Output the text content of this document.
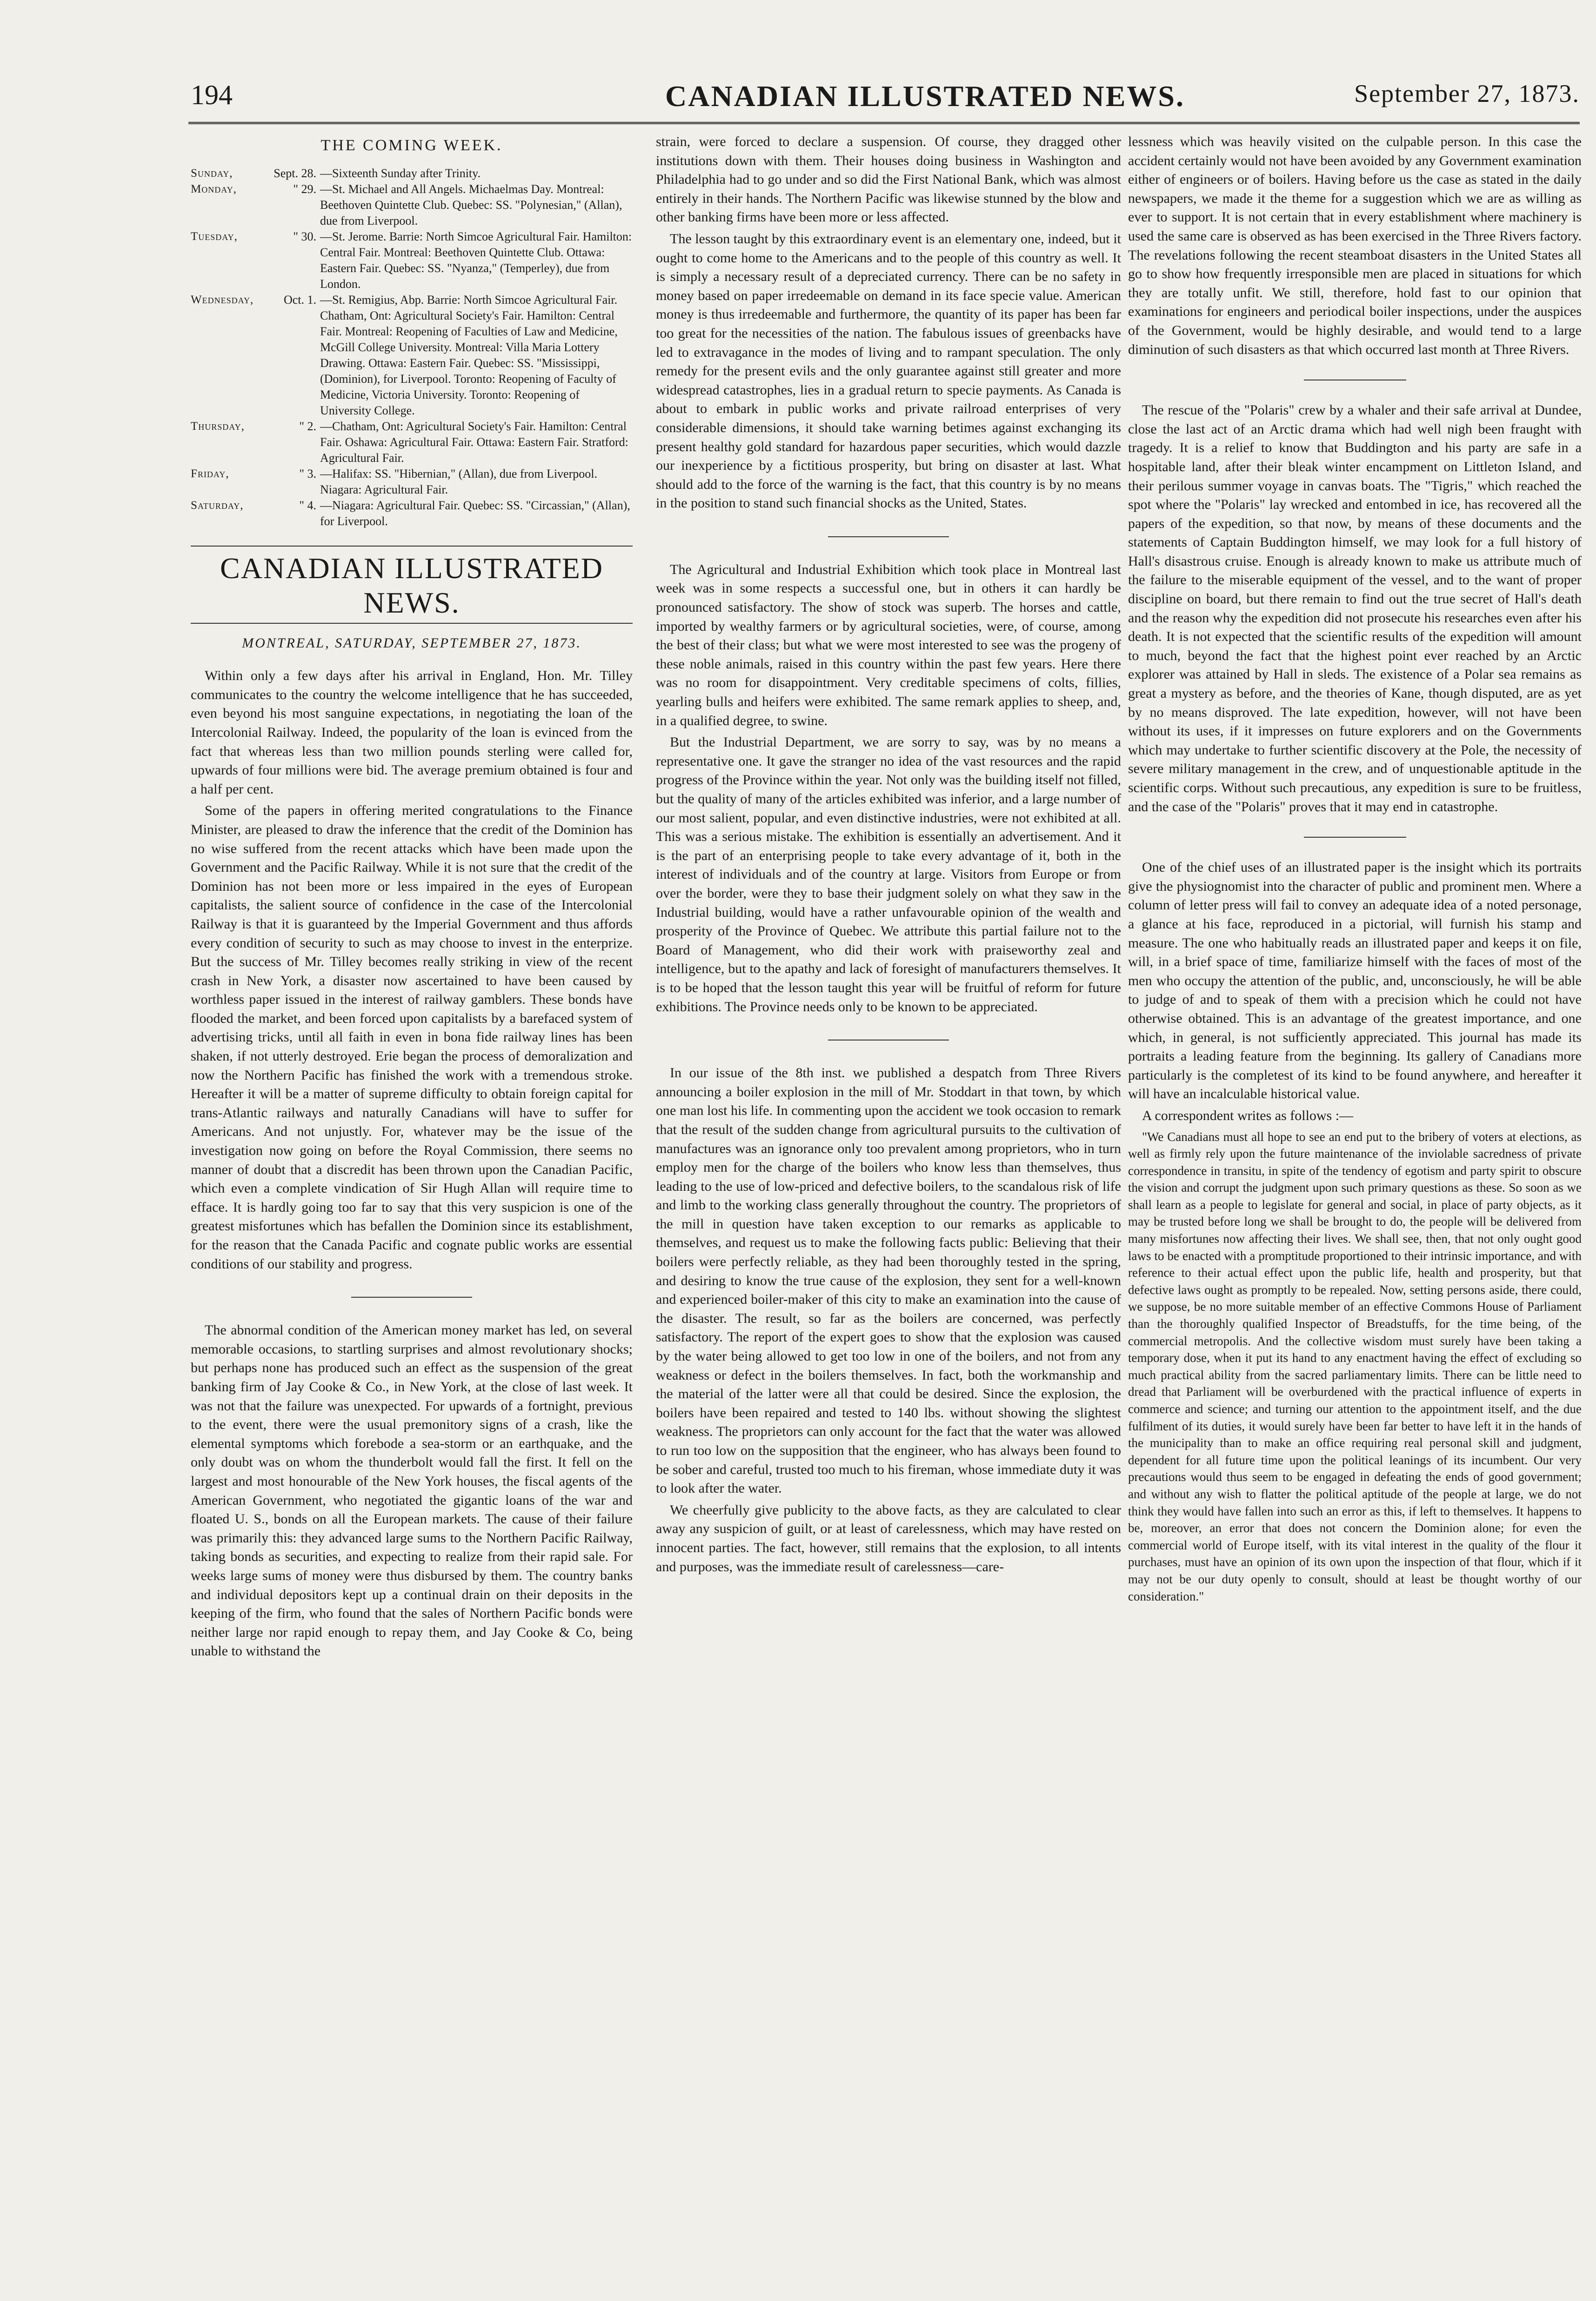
194	CANADIAN ILLUSTRATED NEWS.	September 27, 1873.
THE COMING WEEK.
Sunday,	Sept. 28.	—Sixteenth Sunday after Trinity.
Monday,	" 29.	—St. Michael and All Angels. Michaelmas Day. Montreal: Beethoven Quintette Club. Quebec: SS. "Polynesian," (Allan), due from Liverpool.
Tuesday,	" 30.	—St. Jerome. Barrie: North Simcoe Agricultural Fair. Hamilton: Central Fair. Montreal: Beethoven Quintette Club. Ottawa: Eastern Fair. Quebec: SS. "Nyanza," (Temperley), due from London.
Wednesday,	Oct. 1.	—St. Remigius, Abp. Barrie: North Simcoe Agricultural Fair. Chatham, Ont: Agricultural Society's Fair. Hamilton: Central Fair. Montreal: Reopening of Faculties of Law and Medicine, McGill College University. Montreal: Villa Maria Lottery Drawing. Ottawa: Eastern Fair. Quebec: SS. "Mississippi, (Dominion), for Liverpool. Toronto: Reopening of Faculty of Medicine, Victoria University. Toronto: Reopening of University College.
Thursday,	" 2.	—Chatham, Ont: Agricultural Society's Fair. Hamilton: Central Fair. Oshawa: Agricultural Fair. Ottawa: Eastern Fair. Stratford: Agricultural Fair.
Friday,	" 3.	—Halifax: SS. "Hibernian," (Allan), due from Liverpool. Niagara: Agricultural Fair.
Saturday,	" 4.	—Niagara: Agricultural Fair. Quebec: SS. "Circassian," (Allan), for Liverpool.
CANADIAN ILLUSTRATED NEWS.
MONTREAL, SATURDAY, SEPTEMBER 27, 1873.

Within only a few days after his arrival in England, Hon. Mr. Tilley communicates to the country the welcome intelligence that he has succeeded, even beyond his most sanguine expectations, in negotiating the loan of the Intercolonial Railway. Indeed, the popularity of the loan is evinced from the fact that whereas less than two million pounds sterling were called for, upwards of four millions were bid. The average premium obtained is four and a half per cent.

Some of the papers in offering merited congratulations to the Finance Minister, are pleased to draw the inference that the credit of the Dominion has no wise suffered from the recent attacks which have been made upon the Government and the Pacific Railway. While it is not sure that the credit of the Dominion has not been more or less impaired in the eyes of European capitalists, the salient source of confidence in the case of the Intercolonial Railway is that it is guaranteed by the Imperial Government and thus affords every condition of security to such as may choose to invest in the enterprize. But the success of Mr. Tilley becomes really striking in view of the recent crash in New York, a disaster now ascertained to have been caused by worthless paper issued in the interest of railway gamblers. These bonds have flooded the market, and been forced upon capitalists by a barefaced system of advertising tricks, until all faith in even in bona fide railway lines has been shaken, if not utterly destroyed. Erie began the process of demoralization and now the Northern Pacific has finished the work with a tremendous stroke. Hereafter it will be a matter of supreme difficulty to obtain foreign capital for trans-Atlantic railways and naturally Canadians will have to suffer for Americans. And not unjustly. For, whatever may be the issue of the investigation now going on before the Royal Commission, there seems no manner of doubt that a discredit has been thrown upon the Canadian Pacific, which even a complete vindication of Sir Hugh Allan will require time to efface. It is hardly going too far to say that this very suspicion is one of the greatest misfortunes which has befallen the Dominion since its establishment, for the reason that the Canada Pacific and cognate public works are essential conditions of our stability and progress.

The abnormal condition of the American money market has led, on several memorable occasions, to startling surprises and almost revolutionary shocks; but perhaps none has produced such an effect as the suspension of the great banking firm of Jay Cooke & Co., in New York, at the close of last week. It was not that the failure was unexpected. For upwards of a fortnight, previous to the event, there were the usual premonitory signs of a crash, like the elemental symptoms which forebode a sea-storm or an earthquake, and the only doubt was on whom the thunderbolt would fall the first. It fell on the largest and most honourable of the New York houses, the fiscal agents of the American Government, who negotiated the gigantic loans of the war and floated U. S., bonds on all the European markets. The cause of their failure was primarily this: they advanced large sums to the Northern Pacific Railway, taking bonds as securities, and expecting to realize from their rapid sale. For weeks large sums of money were thus disbursed by them. The country banks and individual depositors kept up a continual drain on their deposits in the keeping of the firm, who found that the sales of Northern Pacific bonds were neither large nor rapid enough to repay them, and Jay Cooke & Co, being unable to withstand the

strain, were forced to declare a suspension. Of course, they dragged other institutions down with them. Their houses doing business in Washington and Philadelphia had to go under and so did the First National Bank, which was almost entirely in their hands. The Northern Pacific was likewise stunned by the blow and other banking firms have been more or less affected.

The lesson taught by this extraordinary event is an elementary one, indeed, but it ought to come home to the Americans and to the people of this country as well. It is simply a necessary result of a depreciated currency. There can be no safety in money based on paper irredeemable on demand in its face specie value. American money is thus irredeemable and furthermore, the quantity of its paper has been far too great for the necessities of the nation. The fabulous issues of greenbacks have led to extravagance in the modes of living and to rampant speculation. The only remedy for the present evils and the only guarantee against still greater and more widespread catastrophes, lies in a gradual return to specie payments. As Canada is about to embark in public works and private railroad enterprises of very considerable dimensions, it should take warning betimes against exchanging its present healthy gold standard for hazardous paper securities, which would dazzle our inexperience by a fictitious prosperity, but bring on disaster at last. What should add to the force of the warning is the fact, that this country is by no means in the position to stand such financial shocks as the United, States.

The Agricultural and Industrial Exhibition which took place in Montreal last week was in some respects a successful one, but in others it can hardly be pronounced satisfactory. The show of stock was superb. The horses and cattle, imported by wealthy farmers or by agricultural societies, were, of course, among the best of their class; but what we were most interested to see was the progeny of these noble animals, raised in this country within the past few years. Here there was no room for disappointment. Very creditable specimens of colts, fillies, yearling bulls and heifers were exhibited. The same remark applies to sheep, and, in a qualified degree, to swine.

But the Industrial Department, we are sorry to say, was by no means a representative one. It gave the stranger no idea of the vast resources and the rapid progress of the Province within the year. Not only was the building itself not filled, but the quality of many of the articles exhibited was inferior, and a large number of our most salient, popular, and even distinctive industries, were not exhibited at all. This was a serious mistake. The exhibition is essentially an advertisement. And it is the part of an enterprising people to take every advantage of it, both in the interest of individuals and of the country at large. Visitors from Europe or from over the border, were they to base their judgment solely on what they saw in the Industrial building, would have a rather unfavourable opinion of the wealth and prosperity of the Province of Quebec. We attribute this partial failure not to the Board of Management, who did their work with praiseworthy zeal and intelligence, but to the apathy and lack of foresight of manufacturers themselves. It is to be hoped that the lesson taught this year will be fruitful of reform for future exhibitions. The Province needs only to be known to be appreciated.

In our issue of the 8th inst. we published a despatch from Three Rivers announcing a boiler explosion in the mill of Mr. Stoddart in that town, by which one man lost his life. In commenting upon the accident we took occasion to remark that the result of the sudden change from agricultural pursuits to the cultivation of manufactures was an ignorance only too prevalent among proprietors, who in turn employ men for the charge of the boilers who know less than themselves, thus leading to the use of low-priced and defective boilers, to the scandalous risk of life and limb to the working class generally throughout the country. The proprietors of the mill in question have taken exception to our remarks as applicable to themselves, and request us to make the following facts public: Believing that their boilers were perfectly reliable, as they had been thoroughly tested in the spring, and desiring to know the true cause of the explosion, they sent for a well-known and experienced boiler-maker of this city to make an examination into the cause of the disaster. The result, so far as the boilers are concerned, was perfectly satisfactory. The report of the expert goes to show that the explosion was caused by the water being allowed to get too low in one of the boilers, and not from any weakness or defect in the boilers themselves. In fact, both the workmanship and the material of the latter were all that could be desired. Since the explosion, the boilers have been repaired and tested to 140 lbs. without showing the slightest weakness. The proprietors can only account for the fact that the water was allowed to run too low on the supposition that the engineer, who has always been found to be sober and careful, trusted too much to his fireman, whose immediate duty it was to look after the water.

We cheerfully give publicity to the above facts, as they are calculated to clear away any suspicion of guilt, or at least of carelessness, which may have rested on innocent parties. The fact, however, still remains that the explosion, to all intents and purposes, was the immediate result of carelessness—care-

lessness which was heavily visited on the culpable person. In this case the accident certainly would not have been avoided by any Government examination either of engineers or of boilers. Having before us the case as stated in the daily newspapers, we made it the theme for a suggestion which we are as willing as ever to support. It is not certain that in every establishment where machinery is used the same care is observed as has been exercised in the Three Rivers factory. The revelations following the recent steamboat disasters in the United States all go to show how frequently irresponsible men are placed in situations for which they are totally unfit. We still, therefore, hold fast to our opinion that examinations for engineers and periodical boiler inspections, under the auspices of the Government, would be highly desirable, and would tend to a large diminution of such disasters as that which occurred last month at Three Rivers.

The rescue of the "Polaris" crew by a whaler and their safe arrival at Dundee, close the last act of an Arctic drama which had well nigh been fraught with tragedy. It is a relief to know that Buddington and his party are safe in a hospitable land, after their bleak winter encampment on Littleton Island, and their perilous summer voyage in canvas boats. The "Tigris," which reached the spot where the "Polaris" lay wrecked and entombed in ice, has recovered all the papers of the expedition, so that now, by means of these documents and the statements of Captain Buddington himself, we may look for a full history of Hall's disastrous cruise. Enough is already known to make us attribute much of the failure to the miserable equipment of the vessel, and to the want of proper discipline on board, but there remain to find out the true secret of Hall's death and the reason why the expedition did not prosecute his researches even after his death. It is not expected that the scientific results of the expedition will amount to much, beyond the fact that the highest point ever reached by an Arctic explorer was attained by Hall in sleds. The existence of a Polar sea remains as great a mystery as before, and the theories of Kane, though disputed, are as yet by no means disproved. The late expedition, however, will not have been without its uses, if it impresses on future explorers and on the Governments which may undertake to further scientific discovery at the Pole, the necessity of severe military management in the crew, and of unquestionable aptitude in the scientific corps. Without such precautious, any expedition is sure to be fruitless, and the case of the "Polaris" proves that it may end in catastrophe.

One of the chief uses of an illustrated paper is the insight which its portraits give the physiognomist into the character of public and prominent men. Where a column of letter press will fail to convey an adequate idea of a noted personage, a glance at his face, reproduced in a pictorial, will furnish his stamp and measure. The one who habitually reads an illustrated paper and keeps it on file, will, in a brief space of time, familiarize himself with the faces of most of the men who occupy the attention of the public, and, unconsciously, he will be able to judge of and to speak of them with a precision which he could not have otherwise obtained. This is an advantage of the greatest importance, and one which, in general, is not sufficiently appreciated. This journal has made its portraits a leading feature from the beginning. Its gallery of Canadians more particularly is the completest of its kind to be found anywhere, and hereafter it will have an incalculable historical value.

A correspondent writes as follows :—

"We Canadians must all hope to see an end put to the bribery of voters at elections, as well as firmly rely upon the future maintenance of the inviolable sacredness of private correspondence in transitu, in spite of the tendency of egotism and party spirit to obscure the vision and corrupt the judgment upon such primary questions as these. So soon as we shall learn as a people to legislate for general and social, in place of party objects, as it may be trusted before long we shall be brought to do, the people will be delivered from many misfortunes now affecting their lives. We shall see, then, that not only ought good laws to be enacted with a promptitude proportioned to their intrinsic importance, and with reference to their actual effect upon the public life, health and prosperity, but that defective laws ought as promptly to be repealed. Now, setting persons aside, there could, we suppose, be no more suitable member of an effective Commons House of Parliament than the thoroughly qualified Inspector of Breadstuffs, for the time being, of the commercial metropolis. And the collective wisdom must surely have been taking a temporary dose, when it put its hand to any enactment having the effect of excluding so much practical ability from the sacred parliamentary limits. There can be little need to dread that Parliament will be overburdened with the practical influence of experts in commerce and science; and turning our attention to the appointment itself, and the due fulfilment of its duties, it would surely have been far better to have left it in the hands of the municipality than to make an office requiring real personal skill and judgment, dependent for all future time upon the political leanings of its incumbent. Our very precautions would thus seem to be engaged in defeating the ends of good government; and without any wish to flatter the political aptitude of the people at large, we do not think they would have fallen into such an error as this, if left to themselves. It happens to be, moreover, an error that does not concern the Dominion alone; for even the commercial world of Europe itself, with its vital interest in the quality of the flour it purchases, must have an opinion of its own upon the inspection of that flour, which if it may not be our duty openly to consult, should at least be thought worthy of our consideration."
